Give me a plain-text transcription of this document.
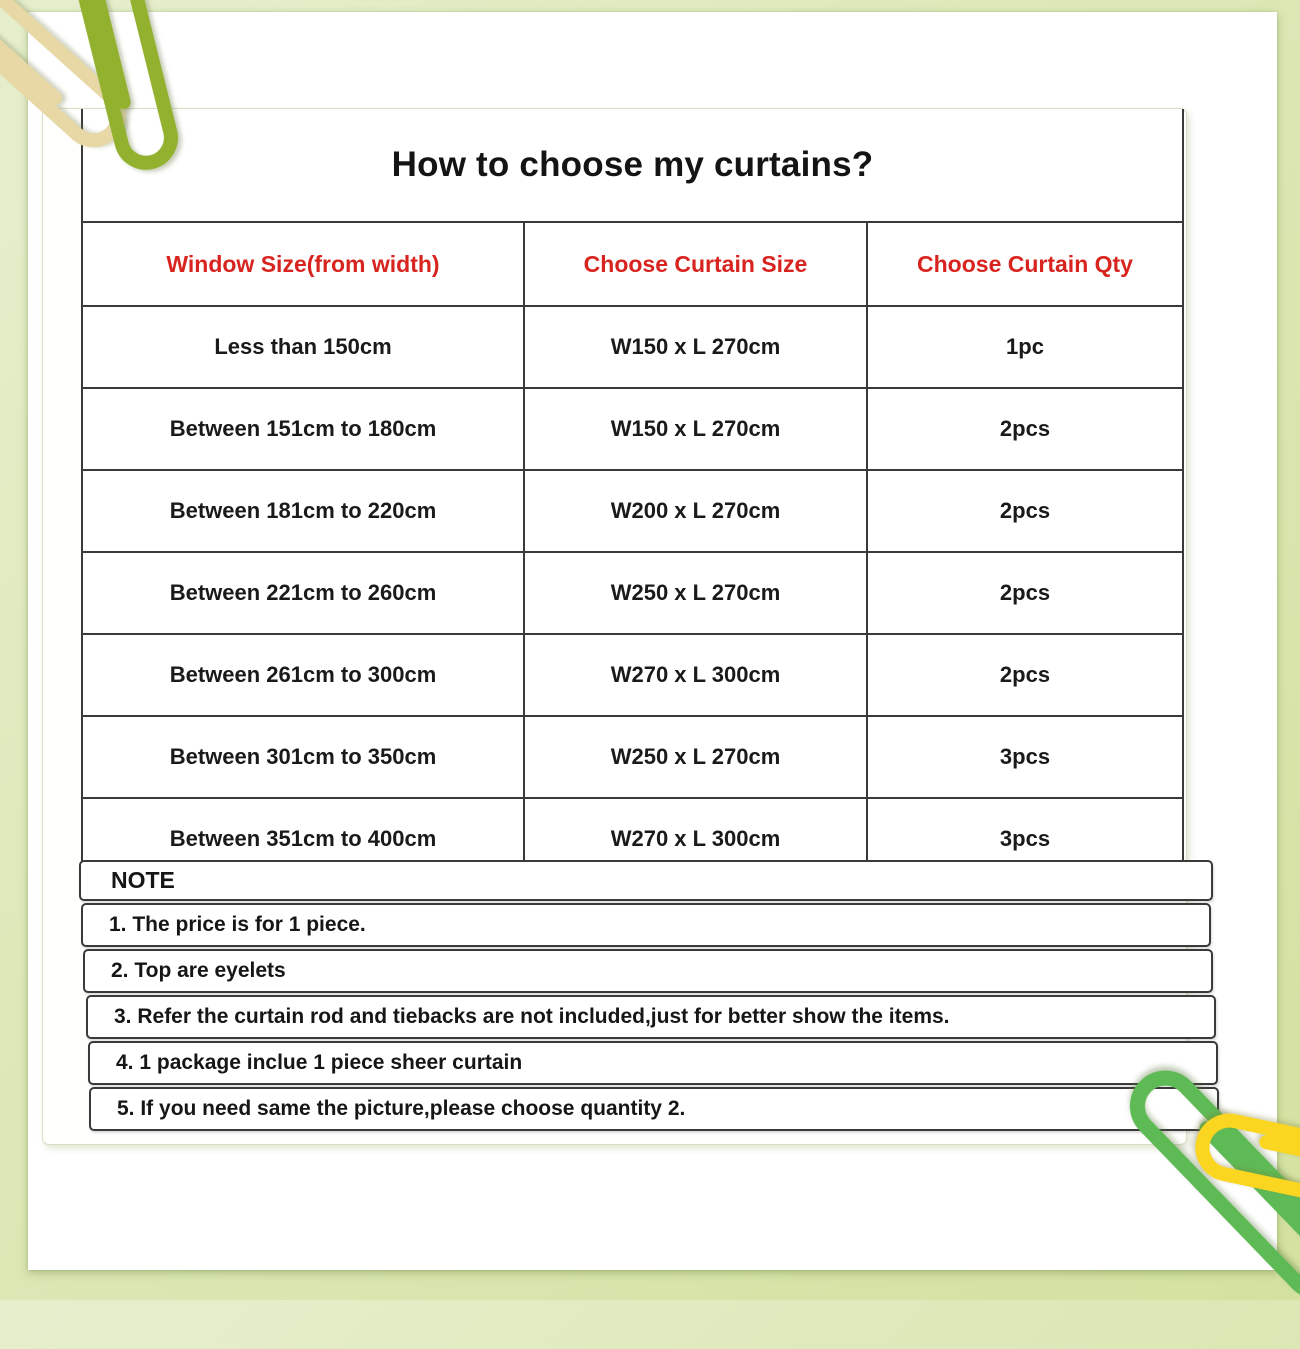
How to choose my curtains?		
Window Size(from width)	Choose Curtain Size	Choose Curtain Qty
Less than 150cm	W150 x L 270cm	1pc
Between 151cm to 180cm	W150 x L 270cm	2pcs
Between 181cm to 220cm	W200 x L 270cm	2pcs
Between 221cm to 260cm	W250 x L 270cm	2pcs
Between 261cm to 300cm	W270 x L 300cm	2pcs
Between 301cm to 350cm	W250 x L 270cm	3pcs
Between 351cm to 400cm	W270 x L 300cm	3pcs
NOTE
1. The price is for 1 piece.
2. Top are eyelets
3. Refer the curtain rod and tiebacks are not included,just for better show the items.
4. 1 package inclue 1 piece sheer curtain
5. If you need same the picture,please choose quantity 2.
